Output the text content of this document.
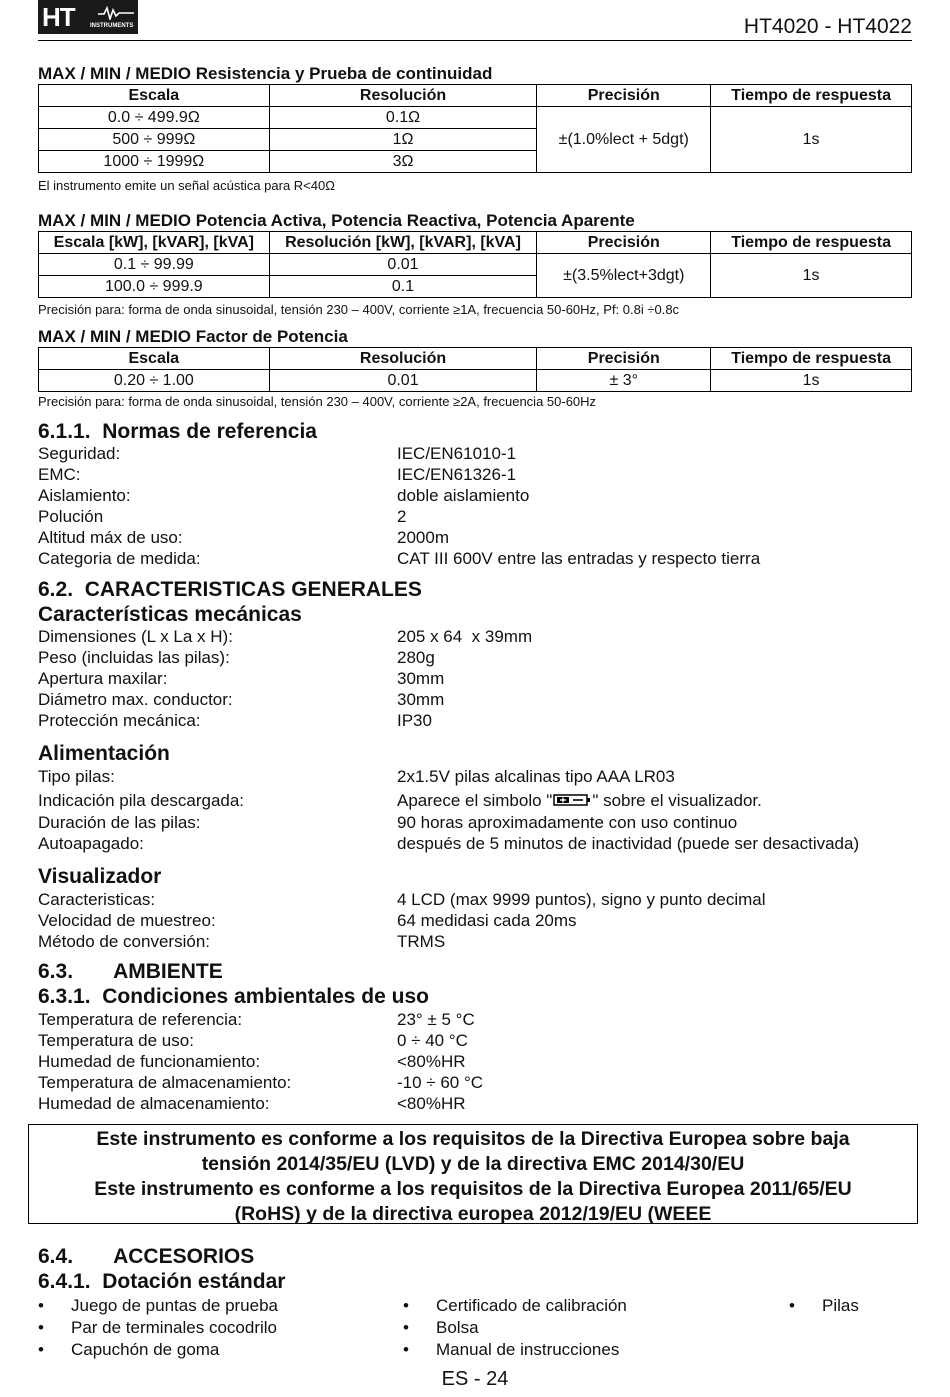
HT	INSTRUMENTS	HT4020 - HT4022
MAX / MIN / MEDIO Resistencia y Prueba de continuidad
Escala	Resolución	Precisión	Tiempo de respuesta
0.0 ÷ 499.9Ω	0.1Ω	±(1.0%lect + 5dgt)	1s
500 ÷ 999Ω	1Ω		
1000 ÷ 1999Ω	3Ω		
El instrumento emite un señal acústica para R<40Ω
MAX / MIN / MEDIO Potencia Activa, Potencia Reactiva, Potencia Aparente
Escala [kW], [kVAR], [kVA]	Resolución [kW], [kVAR], [kVA]	Precisión	Tiempo de respuesta
0.1 ÷ 99.99	0.01	±(3.5%lect+3dgt)	1s
100.0 ÷ 999.9	0.1		
Precisión para: forma de onda sinusoidal, tensión 230 – 400V, corriente ≥1A, frecuencia 50-60Hz, Pf: 0.8i ÷0.8c
MAX / MIN / MEDIO Factor de Potencia
Escala	Resolución	Precisión	Tiempo de respuesta
0.20 ÷ 1.00	0.01	± 3°	1s
Precisión para: forma de onda sinusoidal, tensión 230 – 400V, corriente ≥2A, frecuencia 50-60Hz
6.1.1.  Normas de referencia
Seguridad:	IEC/EN61010-1
EMC:	IEC/EN61326-1
Aislamiento:	doble aislamiento
Polución	2
Altitud máx de uso:	2000m
Categoria de medida:	CAT III 600V entre las entradas y respecto tierra
6.2.  CARACTERISTICAS GENERALES
Características mecánicas
Dimensiones (L x La x H):	205 x 64  x 39mm
Peso (incluidas las pilas):	280g
Apertura maxilar:	30mm
Diámetro max. conductor:	30mm
Protección mecánica:	IP30
Alimentación
Tipo pilas:	2x1.5V pilas alcalinas tipo AAA LR03
Indicación pila descargada:	Aparece el simbolo " " sobre el visualizador.
Duración de las pilas:	90 horas aproximadamente con uso continuo
Autoapagado:	después de 5 minutos de inactividad (puede ser desactivada)
Visualizador
Caracteristicas:	4 LCD (max 9999 puntos), signo y punto decimal
Velocidad de muestreo:	64 medidasi cada 20ms
Método de conversión:	TRMS
6.3.       AMBIENTE
6.3.1.  Condiciones ambientales de uso
Temperatura de referencia:	23° ± 5 °C
Temperatura de uso:	0 ÷ 40 °C
Humedad de funcionamiento:	<80%HR
Temperatura de almacenamiento:	-10 ÷ 60 °C
Humedad de almacenamiento:	<80%HR
Este instrumento es conforme a los requisitos de la Directiva Europea sobre baja
tensión 2014/35/EU (LVD) y de la directiva EMC 2014/30/EU
Este instrumento es conforme a los requisitos de la Directiva Europea 2011/65/EU
(RoHS) y de la directiva europea 2012/19/EU (WEEE
6.4.       ACCESORIOS
6.4.1.  Dotación estándar
• Juego de puntas de prueba
• Par de terminales cocodrilo
• Capuchón de goma
• Certificado de calibración
• Bolsa
• Manual de instrucciones
• Pilas
ES - 24
